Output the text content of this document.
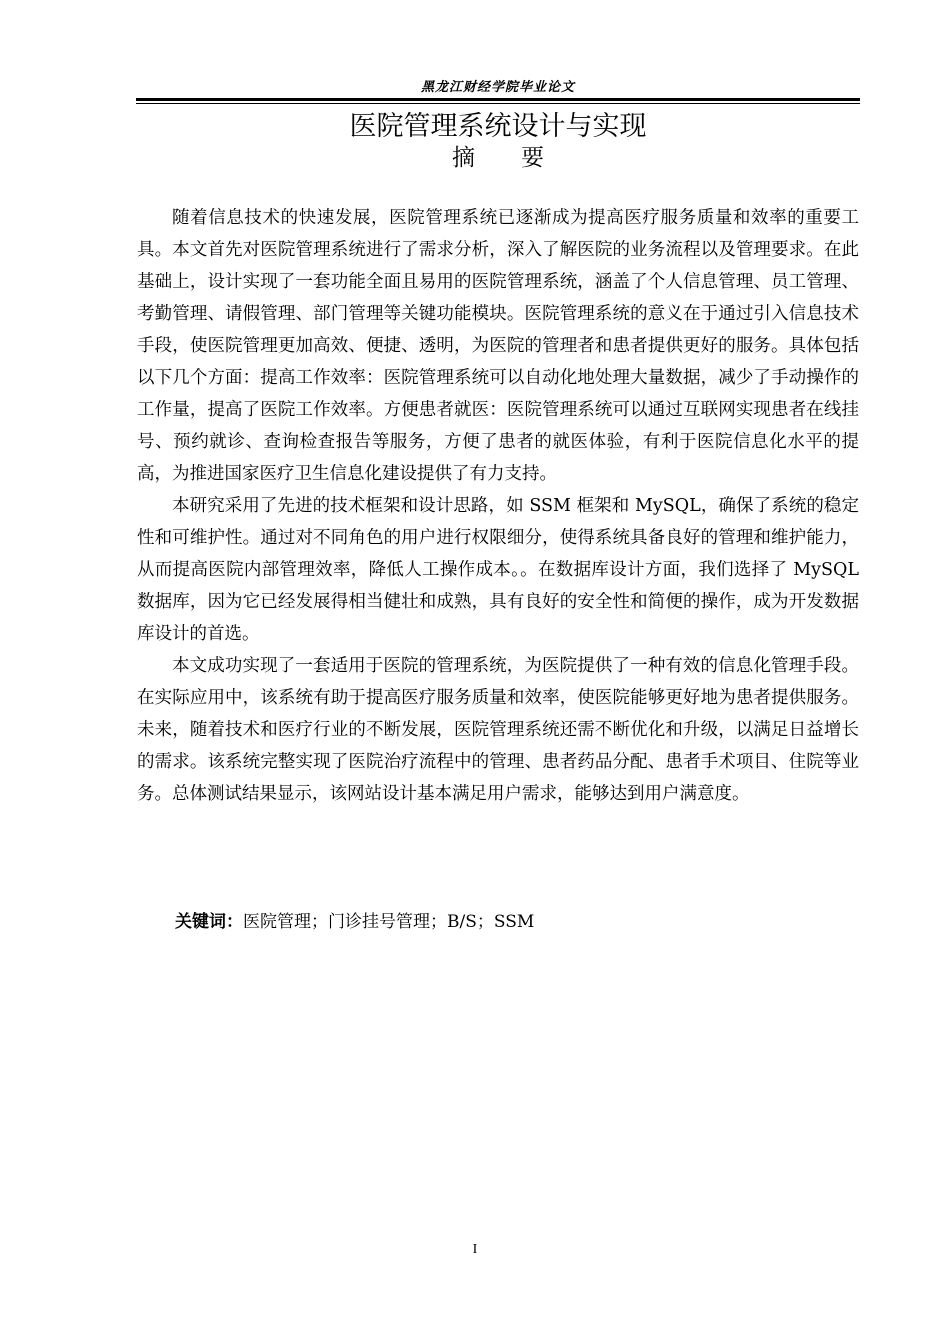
黑龙江财经学院毕业论文
医院管理系统设计与实现
摘　　要

随着信息技术的快速发展，医院管理系统已逐渐成为提高医疗服务质量和效率的重要工具。本文首先对医院管理系统进行了需求分析，深入了解医院的业务流程以及管理要求。在此基础上，设计实现了一套功能全面且易用的医院管理系统，涵盖了个人信息管理、员工管理、考勤管理、请假管理、部门管理等关键功能模块。医院管理系统的意义在于通过引入信息技术手段，使医院管理更加高效、便捷、透明，为医院的管理者和患者提供更好的服务。具体包括以下几个方面：提高工作效率：医院管理系统可以自动化地处理大量数据，减少了手动操作的工作量，提高了医院工作效率。方便患者就医：医院管理系统可以通过互联网实现患者在线挂号、预约就诊、查询检查报告等服务，方便了患者的就医体验，有利于医院信息化水平的提高，为推进国家医疗卫生信息化建设提供了有力支持。

本研究采用了先进的技术框架和设计思路，如 SSM 框架和 MySQL，确保了系统的稳定性和可维护性。通过对不同角色的用户进行权限细分，使得系统具备良好的管理和维护能力，从而提高医院内部管理效率，降低人工操作成本。。在数据库设计方面，我们选择了 MySQL 数据库，因为它已经发展得相当健壮和成熟，具有良好的安全性和简便的操作，成为开发数据库设计的首选。

本文成功实现了一套适用于医院的管理系统，为医院提供了一种有效的信息化管理手段。在实际应用中，该系统有助于提高医疗服务质量和效率，使医院能够更好地为患者提供服务。未来，随着技术和医疗行业的不断发展，医院管理系统还需不断优化和升级，以满足日益增长的需求。该系统完整实现了医院治疗流程中的管理、患者药品分配、患者手术项目、住院等业务。总体测试结果显示，该网站设计基本满足用户需求，能够达到用户满意度。

关键词：医院管理；门诊挂号管理；B/S；SSM
I
